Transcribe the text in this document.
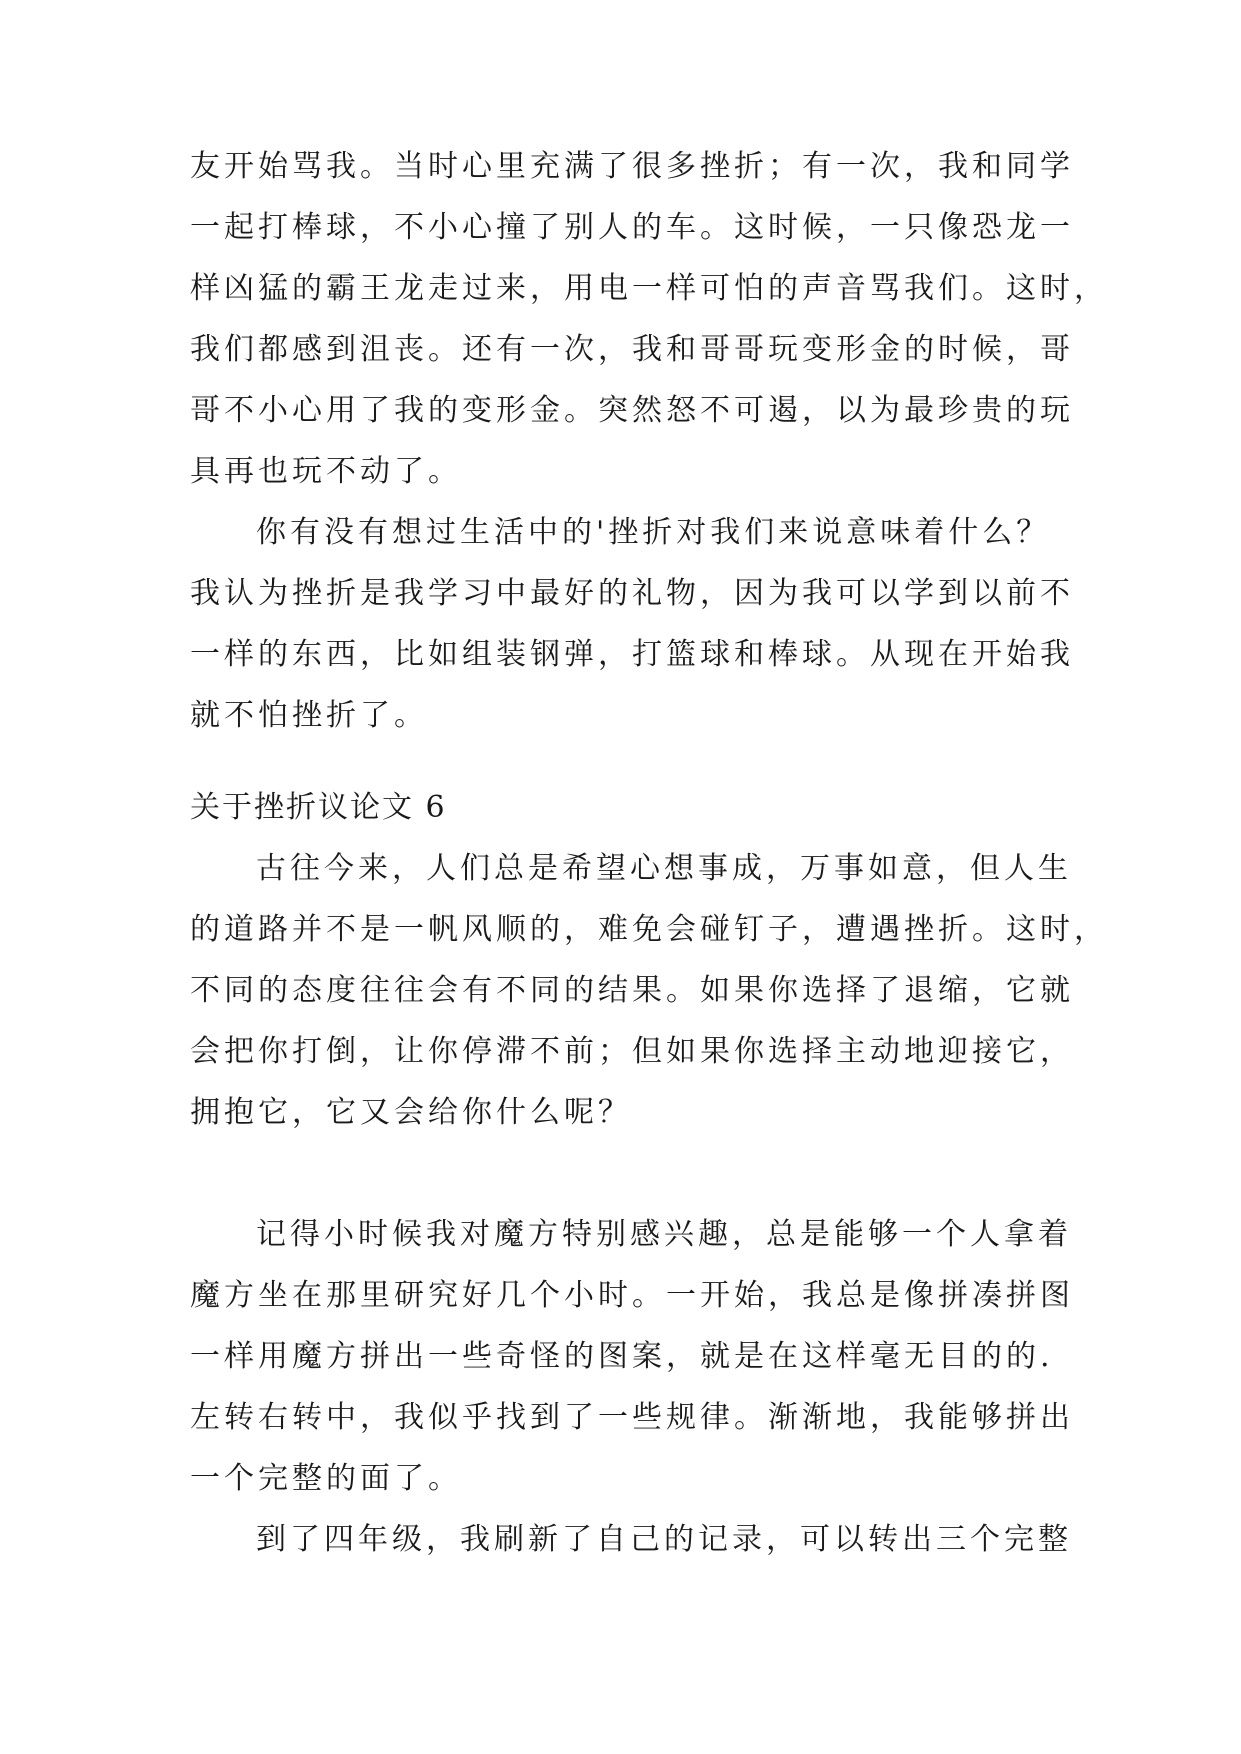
友开始骂我。当时心里充满了很多挫折；有一次，我和同学
一起打棒球，不小心撞了别人的车。这时候，一只像恐龙一
样凶猛的霸王龙走过来，用电一样可怕的声音骂我们。这时，
我们都感到沮丧。还有一次，我和哥哥玩变形金的时候，哥
哥不小心用了我的变形金。突然怒不可遏，以为最珍贵的玩
具再也玩不动了。
你有没有想过生活中的'挫折对我们来说意味着什么？
我认为挫折是我学习中最好的礼物，因为我可以学到以前不
一样的东西，比如组装钢弹，打篮球和棒球。从现在开始我
就不怕挫折了。
关于挫折议论文 6
古往今来，人们总是希望心想事成，万事如意，但人生
的道路并不是一帆风顺的，难免会碰钉子，遭遇挫折。这时，
不同的态度往往会有不同的结果。如果你选择了退缩，它就
会把你打倒，让你停滞不前；但如果你选择主动地迎接它，
拥抱它，它又会给你什么呢？
记得小时候我对魔方特别感兴趣，总是能够一个人拿着
魔方坐在那里研究好几个小时。一开始，我总是像拼凑拼图
一样用魔方拼出一些奇怪的图案，就是在这样毫无目的的.
左转右转中，我似乎找到了一些规律。渐渐地，我能够拼出
一个完整的面了。
到了四年级，我刷新了自己的记录，可以转出三个完整
